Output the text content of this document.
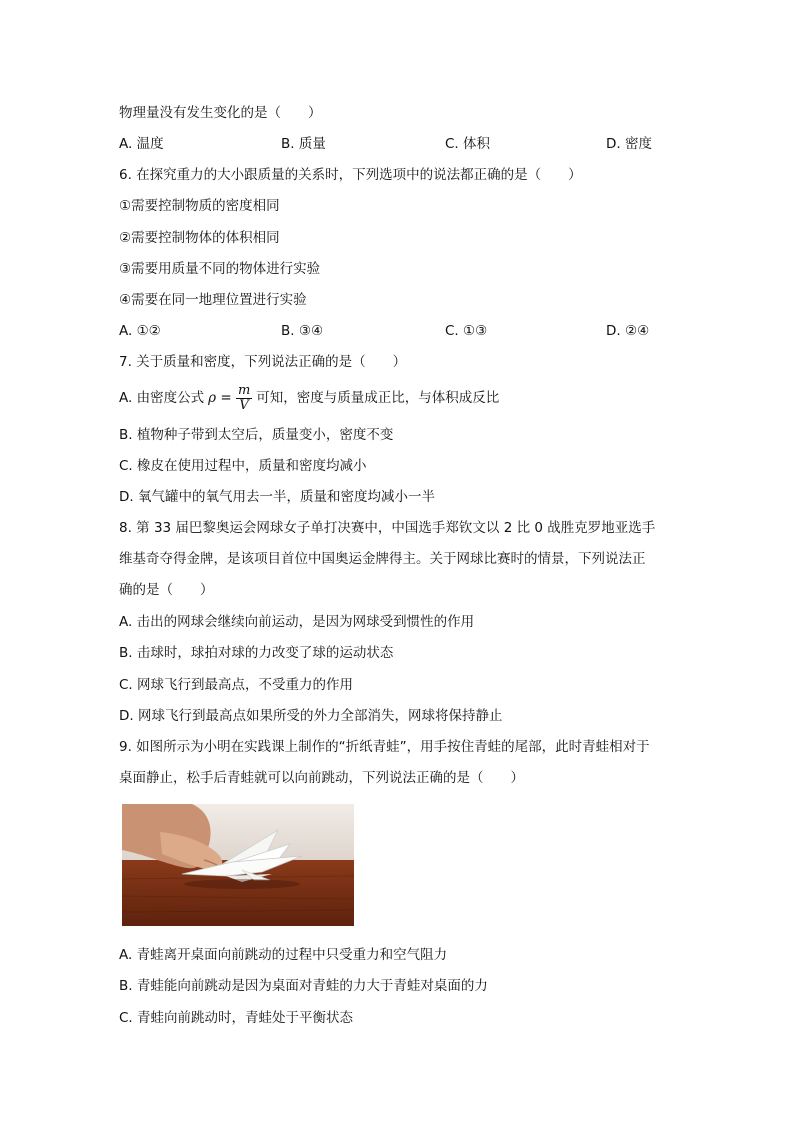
物理量没有发生变化的是（　　）
A. 温度	B. 质量	C. 体积	D. 密度
6. 在探究重力的大小跟质量的关系时，下列选项中的说法都正确的是（　　）
①需要控制物质的密度相同
②需要控制物体的体积相同
③需要用质量不同的物体进行实验
④需要在同一地理位置进行实验
A. ①②	B. ③④	C. ①③	D. ②④
7. 关于质量和密度，下列说法正确的是（　　）
A. 由密度公式 $\rho = \frac{m}{V}$ 可知，密度与质量成正比，与体积成反比
B. 植物种子带到太空后，质量变小，密度不变
C. 橡皮在使用过程中，质量和密度均减小
D. 氧气罐中的氧气用去一半，质量和密度均减小一半
8. 第 33 届巴黎奥运会网球女子单打决赛中，中国选手郑钦文以 2 比 0 战胜克罗地亚选手
维基奇夺得金牌，是该项目首位中国奥运金牌得主。关于网球比赛时的情景，下列说法正
确的是（　　）
A. 击出的网球会继续向前运动，是因为网球受到惯性的作用
B. 击球时，球拍对球的力改变了球的运动状态
C. 网球飞行到最高点，不受重力的作用
D. 网球飞行到最高点如果所受的外力全部消失，网球将保持静止
9. 如图所示为小明在实践课上制作的“折纸青蛙”，用手按住青蛙的尾部，此时青蛙相对于
桌面静止，松手后青蛙就可以向前跳动，下列说法正确的是（　　）
A. 青蛙离开桌面向前跳动的过程中只受重力和空气阻力
B. 青蛙能向前跳动是因为桌面对青蛙的力大于青蛙对桌面的力
C. 青蛙向前跳动时，青蛙处于平衡状态
